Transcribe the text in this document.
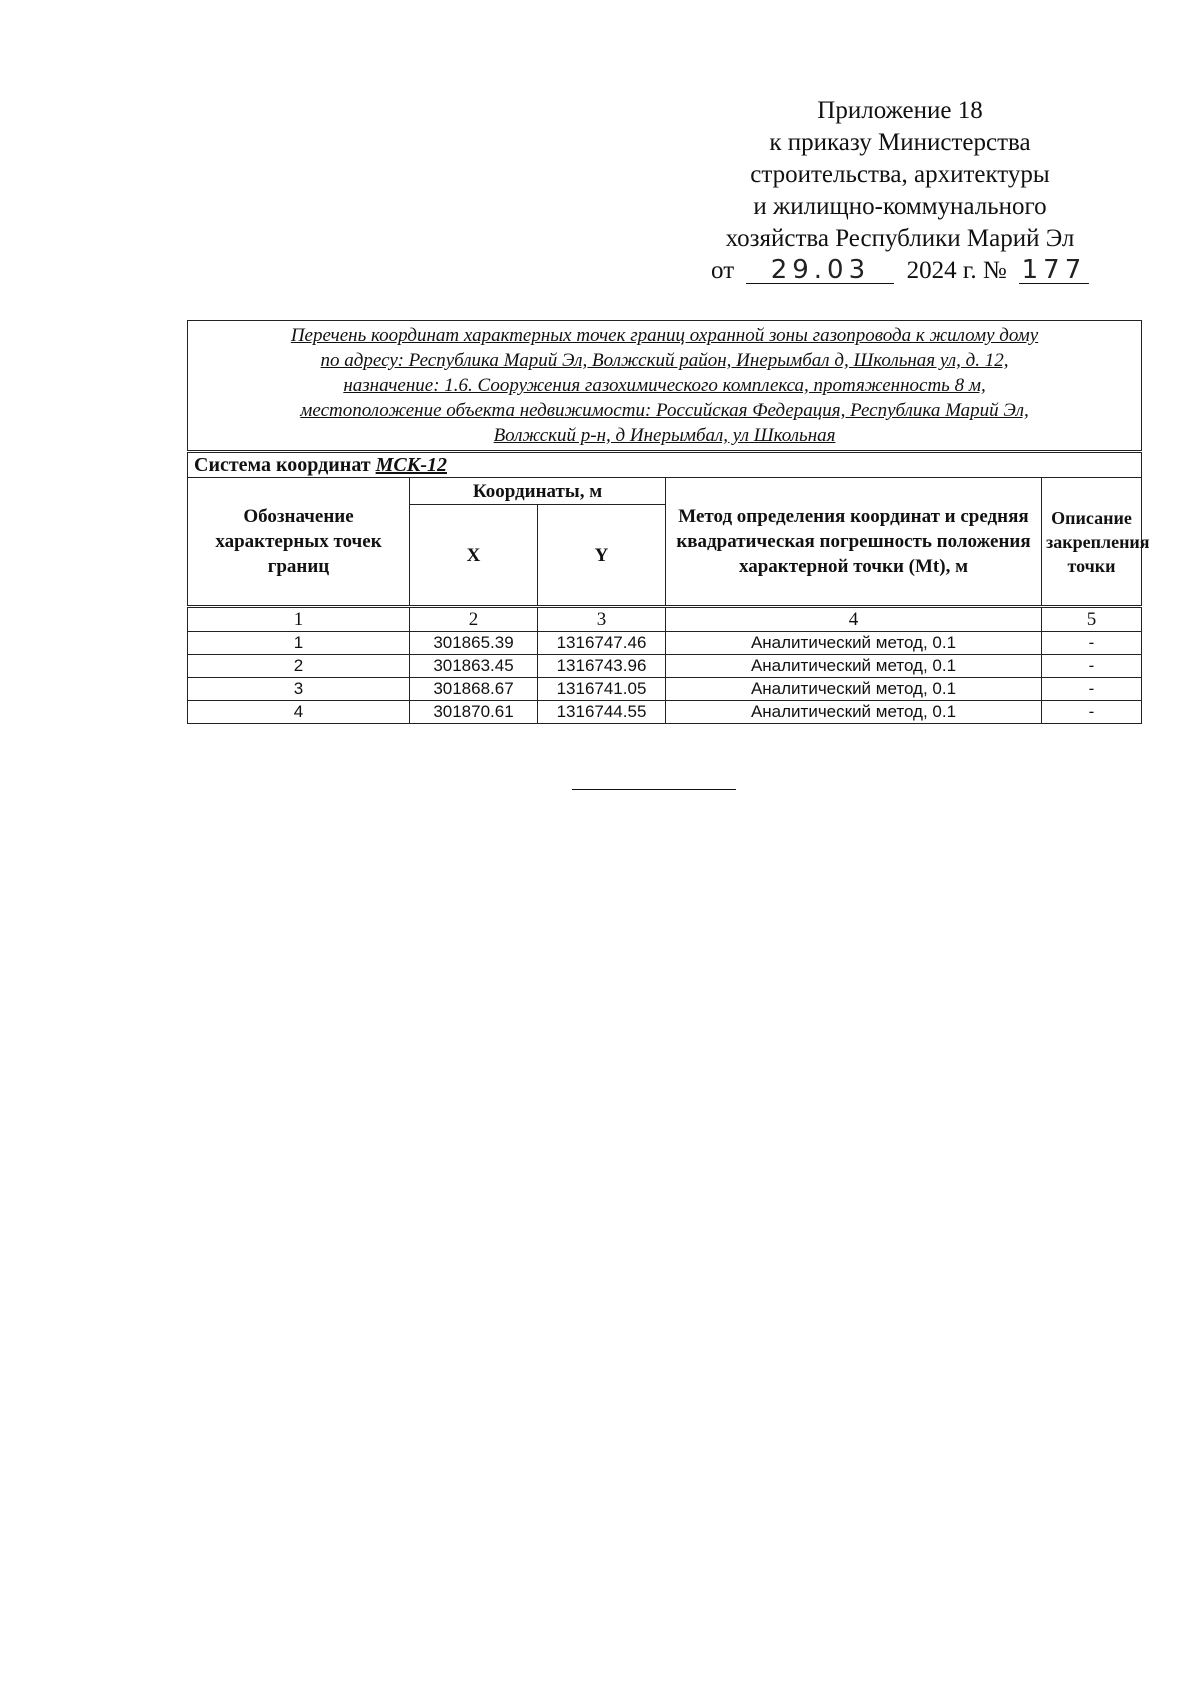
Приложение 18
к приказу Министерства
строительства, архитектуры
и жилищно-коммунального
хозяйства Республики Марий Эл
от 29.03 2024 г. № 177
Перечень координат характерных точек границ охранной зоны газопровода к жилому дому
по адресу: Республика Марий Эл, Волжский район, Инерымбал д, Школьная ул, д. 12,
назначение: 1.6. Сооружения газохимического комплекса, протяженность 8 м,
местоположение объекта недвижимости: Российская Федерация, Республика Марий Эл,
Волжский р-н, д Инерымбал, ул Школьная				

Система координат МСК-12				
Обозначение характерных точек границ	Координаты, м		Метод определения координат и средняя квадратическая погрешность положения характерной точки (Mt), м	Описание закрепления точки
	X	Y		
1	2	3	4	5
1	301865.39	1316747.46	Аналитический метод, 0.1	-
2	301863.45	1316743.96	Аналитический метод, 0.1	-
3	301868.67	1316741.05	Аналитический метод, 0.1	-
4	301870.61	1316744.55	Аналитический метод, 0.1	-
